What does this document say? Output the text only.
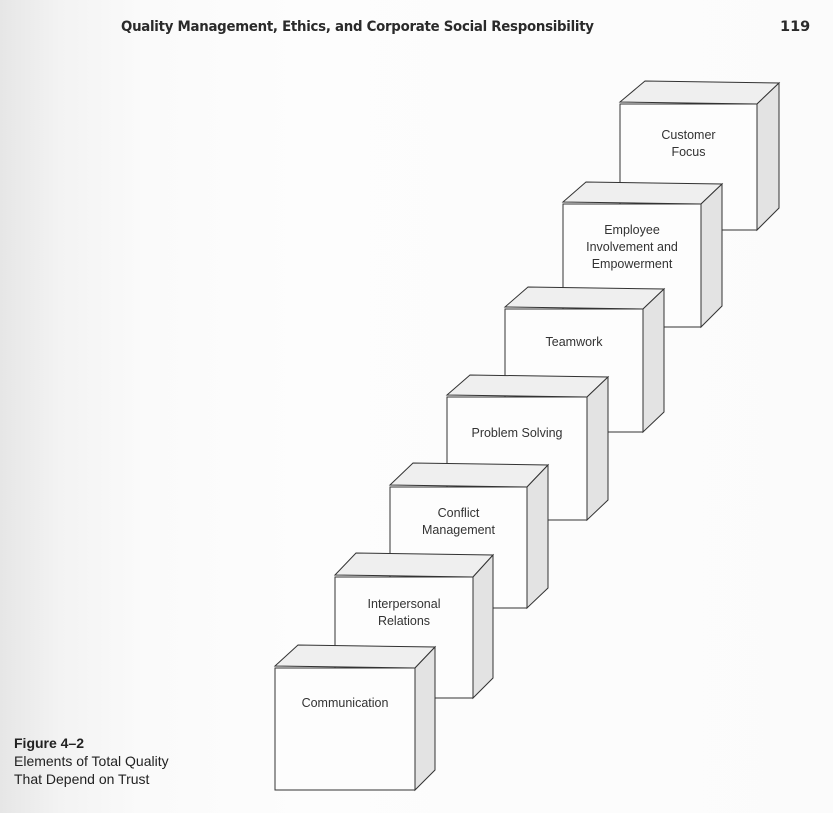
Quality Management, Ethics, and Corporate Social Responsibility	119
Customer
Focus
Employee
Involvement and
Empowerment
Teamwork
Problem Solving
Conflict
Management
Interpersonal
Relations
Communication
Figure 4–2
Elements of Total Quality
That Depend on Trust
